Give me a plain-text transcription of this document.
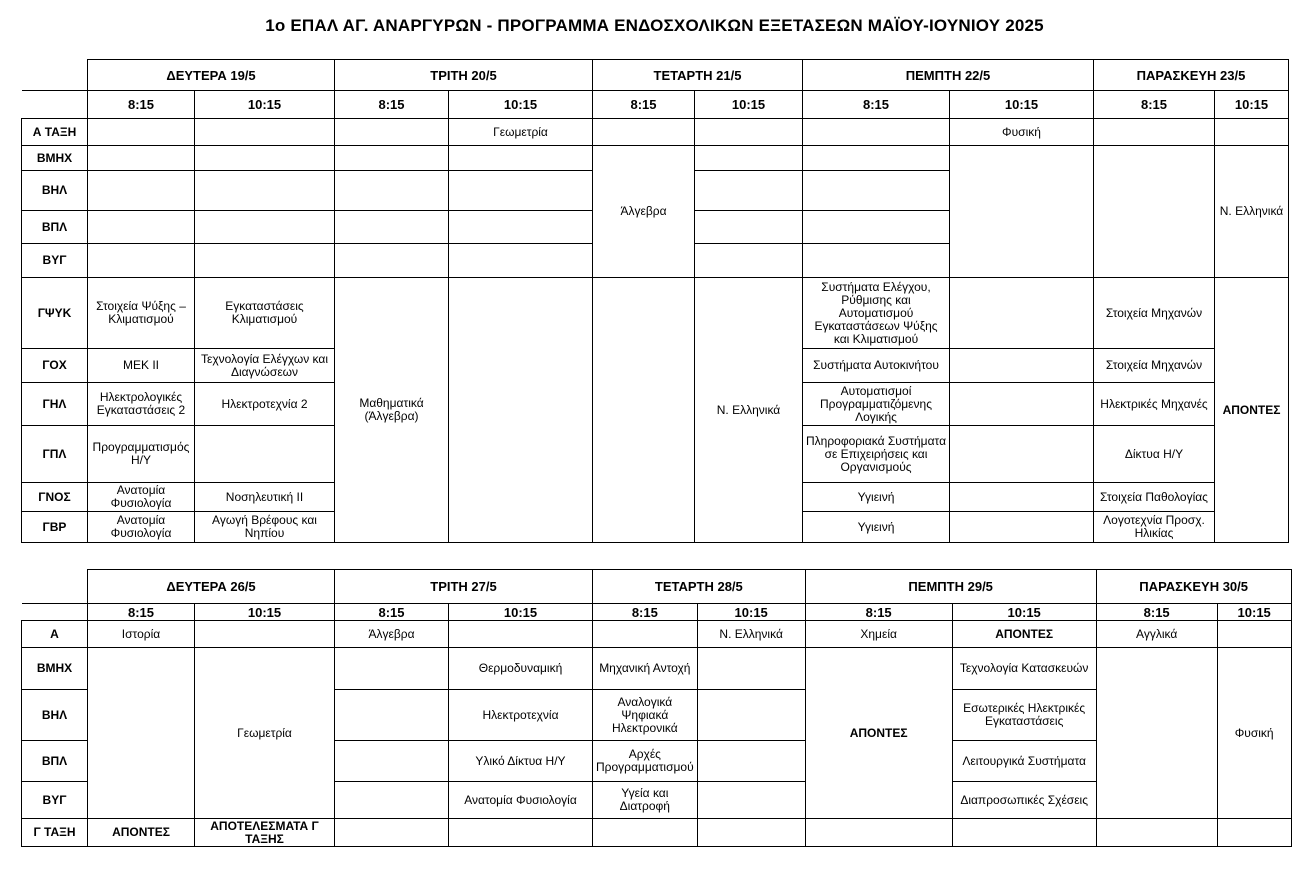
1ο ΕΠΑΛ ΑΓ. ΑΝΑΡΓΥΡΩΝ - ΠΡΟΓΡΑΜΜΑ ΕΝΔΟΣΧΟΛΙΚΩΝ ΕΞΕΤΑΣΕΩΝ ΜΑΪΟΥ-ΙΟΥΝΙΟΥ 2025
	ΔΕΥΤΕΡΑ 19/5		ΤΡΙΤΗ 20/5		ΤΕΤΑΡΤΗ 21/5		ΠΕΜΠΤΗ 22/5		ΠΑΡΑΣΚΕΥΗ 23/5	
	8:15	10:15	8:15	10:15	8:15	10:15	8:15	10:15	8:15	10:15
Α ΤΑΞΗ				Γεωμετρία				Φυσική		
ΒΜΗΧ					Άλγεβρα					Ν. Ελληνικά
ΒΗΛ										
ΒΠΛ										
ΒΥΓ										
ΓΨΥΚ	Στοιχεία Ψύξης – Κλιματισμού	Εγκαταστάσεις Κλιματισμού	Μαθηματικά (Άλγεβρα)			Ν. Ελληνικά	Συστήματα Ελέγχου, Ρύθμισης και Αυτοματισμού Εγκαταστάσεων Ψύξης και Κλιματισμού		Στοιχεία Μηχανών	ΑΠΟΝΤΕΣ
ΓΟΧ	ΜΕΚ ΙΙ	Τεχνολογία Ελέγχων και Διαγνώσεων					Συστήματα Αυτοκινήτου		Στοιχεία Μηχανών	
ΓΗΛ	Ηλεκτρολογικές Εγκαταστάσεις 2	Ηλεκτροτεχνία 2					Αυτοματισμοί Προγραμματιζόμενης Λογικής		Ηλεκτρικές Μηχανές	
ΓΠΛ	Προγραμματισμός Η/Υ						Πληροφοριακά Συστήματα σε Επιχειρήσεις και Οργανισμούς		Δίκτυα Η/Υ	
ΓΝΟΣ	Ανατομία Φυσιολογία	Νοσηλευτική ΙΙ					Υγιεινή		Στοιχεία Παθολογίας	
ΓΒΡ	Ανατομία Φυσιολογία	Αγωγή Βρέφους και Νηπίου					Υγιεινή		Λογοτεχνία Προσχ. Ηλικίας	
	ΔΕΥΤΕΡΑ 26/5		ΤΡΙΤΗ 27/5		ΤΕΤΑΡΤΗ 28/5		ΠΕΜΠΤΗ 29/5		ΠΑΡΑΣΚΕΥΗ 30/5	
	8:15	10:15	8:15	10:15	8:15	10:15	8:15	10:15	8:15	10:15
Α	Ιστορία		Άλγεβρα			Ν. Ελληνικά	Χημεία	ΑΠΟΝΤΕΣ	Αγγλικά	
ΒΜΗΧ		Γεωμετρία		Θερμοδυναμική	Μηχανική Αντοχή		ΑΠΟΝΤΕΣ	Τεχνολογία Κατασκευών		Φυσική
ΒΗΛ				Ηλεκτροτεχνία	Αναλογικά Ψηφιακά Ηλεκτρονικά			Εσωτερικές Ηλεκτρικές Εγκαταστάσεις		
ΒΠΛ				Υλικό Δίκτυα Η/Υ	Αρχές Προγραμματισμού			Λειτουργικά Συστήματα		
ΒΥΓ				Ανατομία Φυσιολογία	Υγεία και Διατροφή			Διαπροσωπικές Σχέσεις		
Γ ΤΑΞΗ	ΑΠΟΝΤΕΣ	ΑΠΟΤΕΛΕΣΜΑΤΑ Γ ΤΑΞΗΣ								
